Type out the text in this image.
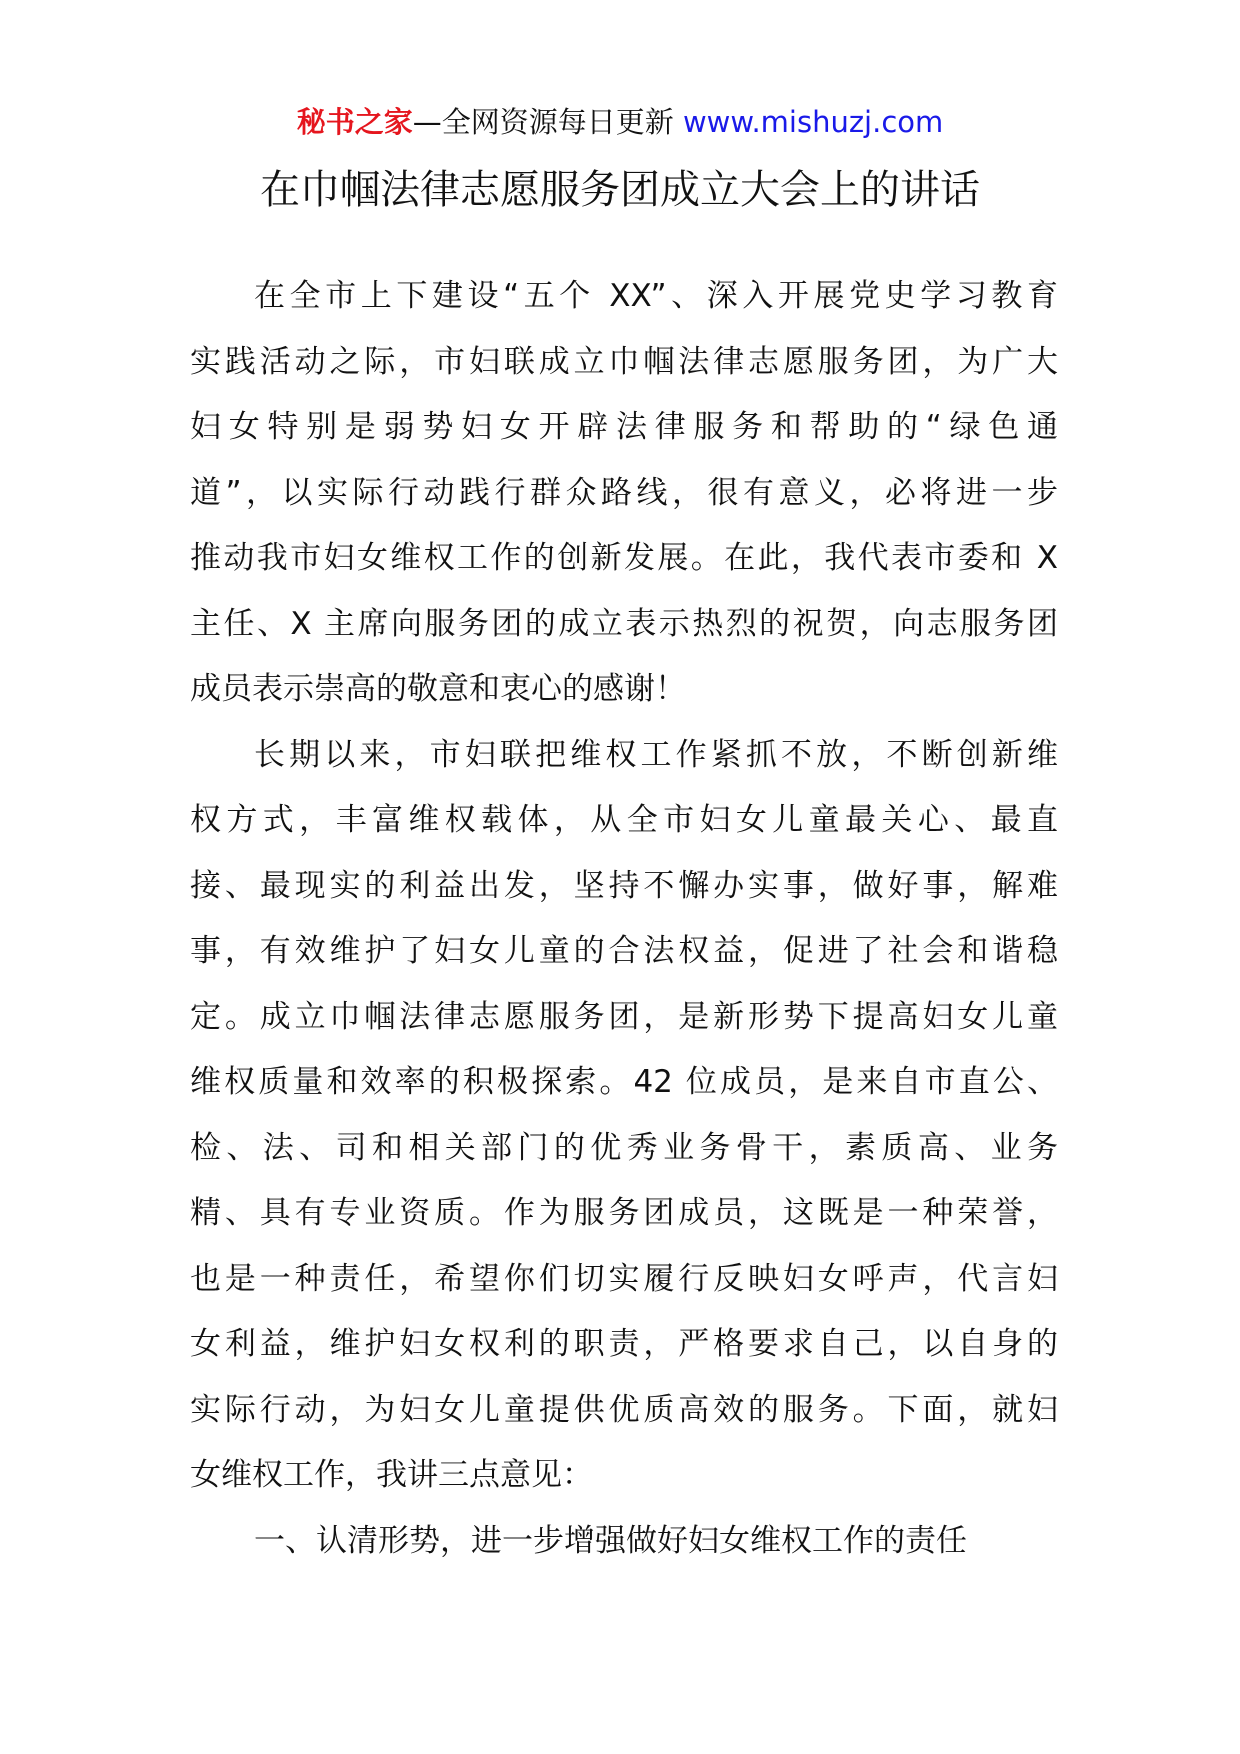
秘书之家—全网资源每日更新 www.mishuzj.com
在巾帼法律志愿服务团成立大会上的讲话
在全市上下建设“五个 XX”、深入开展党史学习教育
实践活动之际，市妇联成立巾帼法律志愿服务团，为广大
妇女特别是弱势妇女开辟法律服务和帮助的“绿色通
道”，以实际行动践行群众路线，很有意义，必将进一步
推动我市妇女维权工作的创新发展。在此，我代表市委和 X
主任、X 主席向服务团的成立表示热烈的祝贺，向志服务团
成员表示崇高的敬意和衷心的感谢！
长期以来，市妇联把维权工作紧抓不放，不断创新维
权方式，丰富维权载体，从全市妇女儿童最关心、最直
接、最现实的利益出发，坚持不懈办实事，做好事，解难
事，有效维护了妇女儿童的合法权益，促进了社会和谐稳
定。成立巾帼法律志愿服务团，是新形势下提高妇女儿童
维权质量和效率的积极探索。42 位成员，是来自市直公、
检、法、司和相关部门的优秀业务骨干，素质高、业务
精、具有专业资质。作为服务团成员，这既是一种荣誉，
也是一种责任，希望你们切实履行反映妇女呼声，代言妇
女利益，维护妇女权利的职责，严格要求自己，以自身的
实际行动，为妇女儿童提供优质高效的服务。下面，就妇
女维权工作，我讲三点意见：
一、认清形势，进一步增强做好妇女维权工作的责任
